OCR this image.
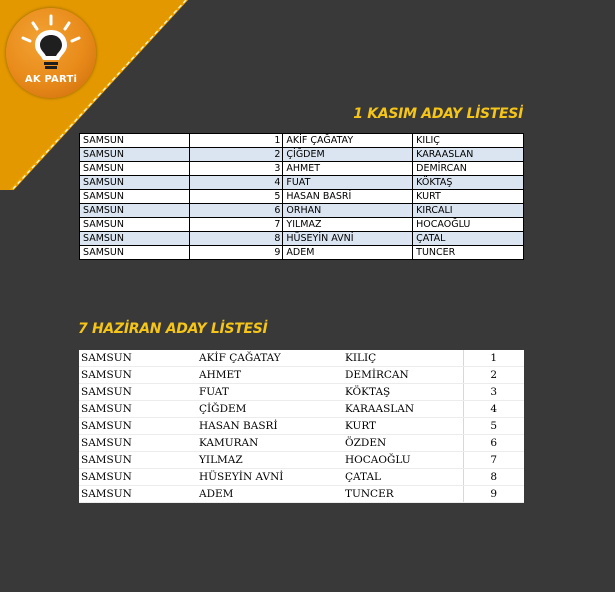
AK PARTi
1 KASIM ADAY LİSTESİ
SAMSUN	1	AKİF ÇAĞATAY	KILIÇ
SAMSUN	2	ÇİĞDEM	KARAASLAN
SAMSUN	3	AHMET	DEMİRCAN
SAMSUN	4	FUAT	KÖKTAŞ
SAMSUN	5	HASAN BASRİ	KURT
SAMSUN	6	ORHAN	KIRCALI
SAMSUN	7	YILMAZ	HOCAOĞLU
SAMSUN	8	HÜSEYİN AVNİ	ÇATAL
SAMSUN	9	ADEM	TUNCER
7 HAZİRAN ADAY LİSTESİ
SAMSUN	AKİF ÇAĞATAY	KILIÇ	1
SAMSUN	AHMET	DEMİRCAN	2
SAMSUN	FUAT	KÖKTAŞ	3
SAMSUN	ÇİĞDEM	KARAASLAN	4
SAMSUN	HASAN BASRİ	KURT	5
SAMSUN	KAMURAN	ÖZDEN	6
SAMSUN	YILMAZ	HOCAOĞLU	7
SAMSUN	HÜSEYİN AVNİ	ÇATAL	8
SAMSUN	ADEM	TUNCER	9
